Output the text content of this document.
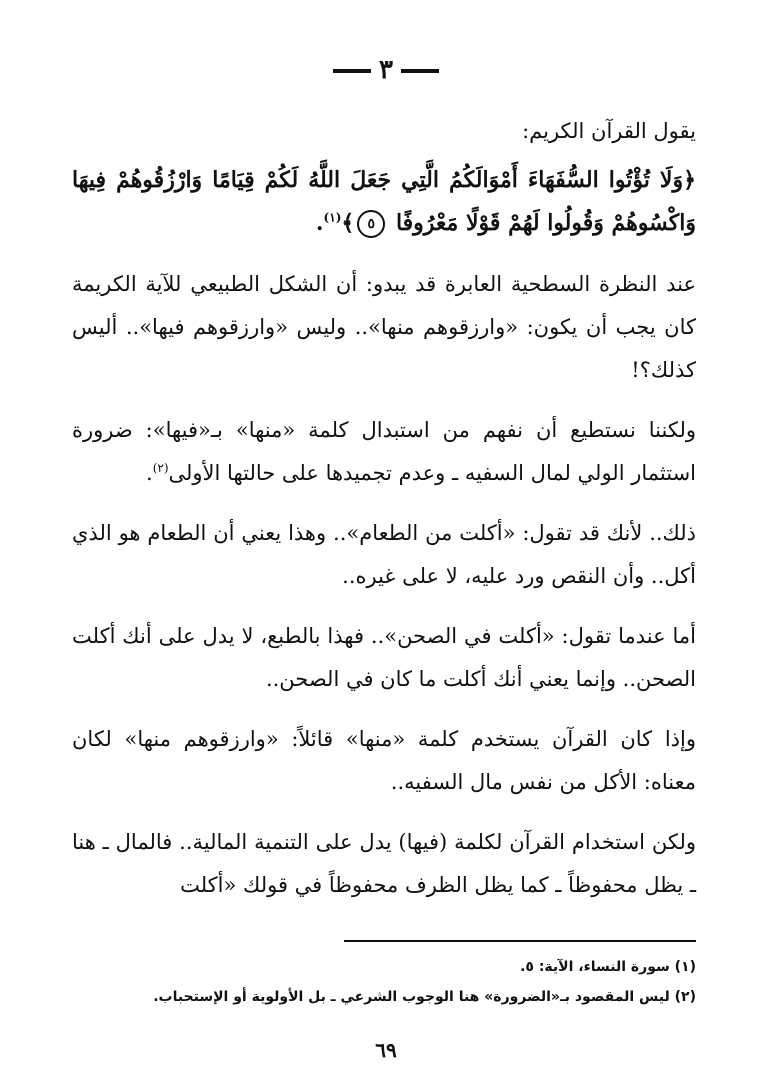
٣

يقول القرآن الكريم:

﴿وَلَا تُؤْتُوا السُّفَهَاءَ أَمْوَالَكُمُ الَّتِي جَعَلَ اللَّهُ لَكُمْ قِيَامًا وَارْزُقُوهُمْ فِيهَا وَاكْسُوهُمْ وَقُولُوا لَهُمْ قَوْلًا مَعْرُوفًا ٥﴾$^{(١)}$.

عند النظرة السطحية العابرة قد يبدو: أن الشكل الطبيعي للآية الكريمة كان يجب أن يكون: «وارزقوهم منها».. وليس «وارزقوهم فيها».. أليس كذلك؟!

ولكننا نستطيع أن نفهم من استبدال كلمة «منها» بـ«فيها»: ضرورة استثمار الولي لمال السفيه ـ وعدم تجميدها على حالتها الأولى$^{(٢)}$.

ذلك.. لأنك قد تقول: «أكلت من الطعام».. وهذا يعني أن الطعام هو الذي أكل.. وأن النقص ورد عليه، لا على غيره..

أما عندما تقول: «أكلت في الصحن».. فهذا بالطبع، لا يدل على أنك أكلت الصحن.. وإنما يعني أنك أكلت ما كان في الصحن..

وإذا كان القرآن يستخدم كلمة «منها» قائلاً: «وارزقوهم منها» لكان معناه: الأكل من نفس مال السفيه..

ولكن استخدام القرآن لكلمة (فيها) يدل على التنمية المالية.. فالمال ـ هنا ـ يظل محفوظاً ـ كما يظل الظرف محفوظاً في قولك «أكلت

(١) سورة النساء، الآية: ٥.

(٢) ليس المقصود بـ«الضرورة» هنا الوجوب الشرعي ـ بل الأولوية أو الإستحباب.

٦٩
